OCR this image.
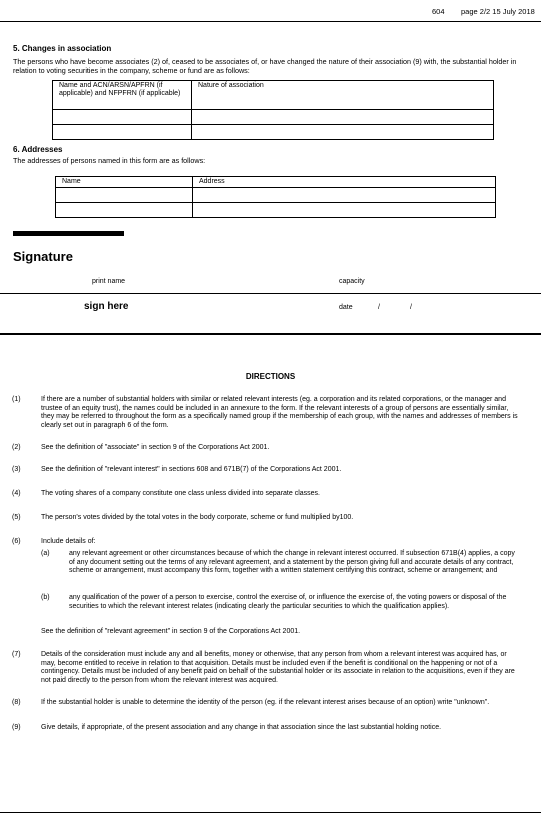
604 page 2/2 15 July 2018
5. Changes in association
The persons who have become associates (2) of, ceased to be associates of, or have changed the nature of their association (9) with, the substantial holder in relation to voting securities in the company, scheme or fund are as follows:
Name and ACN/ARSN/APFRN (if applicable) and NFPFRN (if applicable)	Nature of association

6. Addresses
The addresses of persons named in this form are as follows:
Name	Address

Signature
print name	capacity
sign here	date	/	/
DIRECTIONS
(1)	If there are a number of substantial holders with similar or related relevant interests (eg. a corporation and its related corporations, or the manager and trustee of an equity trust), the names could be included in an annexure to the form. If the relevant interests of a group of persons are essentially similar, they may be referred to throughout the form as a specifically named group if the membership of each group, with the names and addresses of members is clearly set out in paragraph 6 of the form.
(2)	See the definition of "associate" in section 9 of the Corporations Act 2001.
(3)	See the definition of "relevant interest" in sections 608 and 671B(7) of the Corporations Act 2001.
(4)	The voting shares of a company constitute one class unless divided into separate classes.
(5)	The person's votes divided by the total votes in the body corporate, scheme or fund multiplied by100.
(6)	Include details of:
(a)	any relevant agreement or other circumstances because of which the change in relevant interest occurred. If subsection 671B(4) applies, a copy of any document setting out the terms of any relevant agreement, and a statement by the person giving full and accurate details of any contract, scheme or arrangement, must accompany this form, together with a written statement certifying this contract, scheme or arrangement; and
(b)	any qualification of the power of a person to exercise, control the exercise of, or influence the exercise of, the voting powers or disposal of the securities to which the relevant interest relates (indicating clearly the particular securities to which the qualification applies).
See the definition of "relevant agreement" in section 9 of the Corporations Act 2001.
(7)	Details of the consideration must include any and all benefits, money or otherwise, that any person from whom a relevant interest was acquired has, or may, become entitled to receive in relation to that acquisition. Details must be included even if the benefit is conditional on the happening or not of a contingency. Details must be included of any benefit paid on behalf of the substantial holder or its associate in relation to the acquisitions, even if they are not paid directly to the person from whom the relevant interest was acquired.
(8)	If the substantial holder is unable to determine the identity of the person (eg. if the relevant interest arises because of an option) write "unknown".
(9)	Give details, if appropriate, of the present association and any change in that association since the last substantial holding notice.
